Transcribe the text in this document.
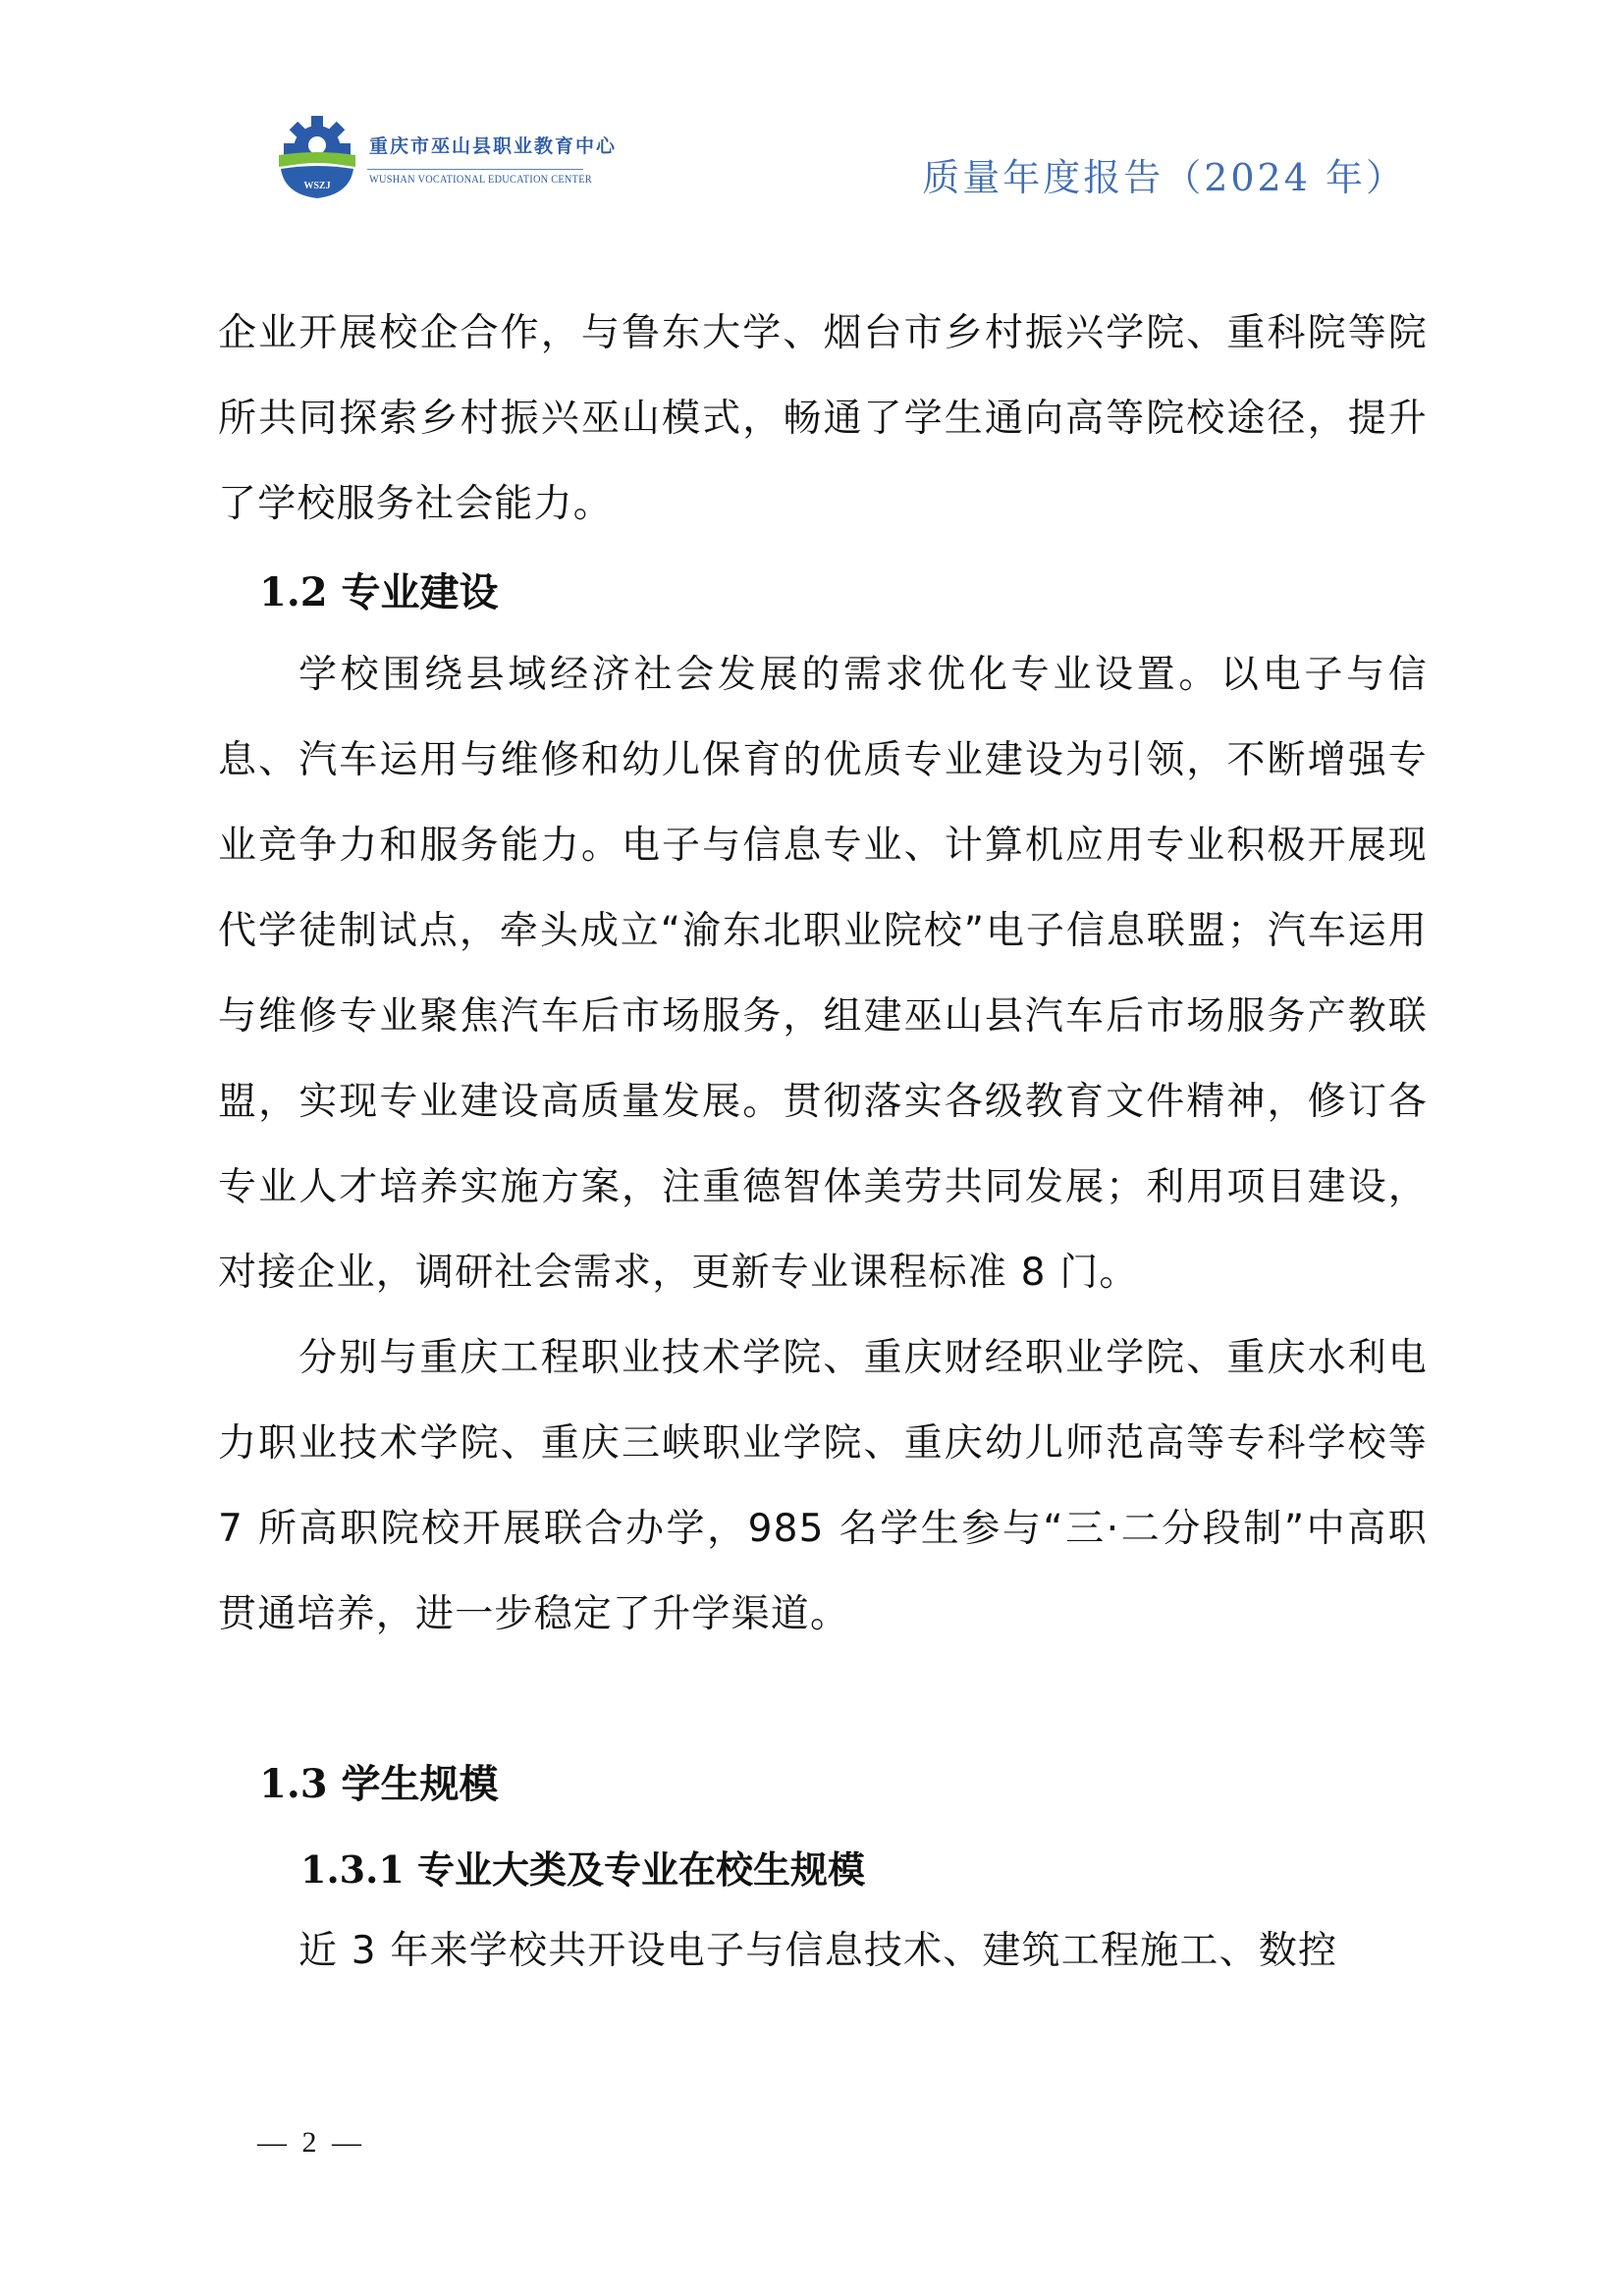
WSZJ
重庆市巫山县职业教育中心
WUSHAN VOCATIONAL EDUCATION CENTER	质量年度报告（2024 年）

企业开展校企合作，与鲁东大学、烟台市乡村振兴学院、重科院等院所共同探索乡村振兴巫山模式，畅通了学生通向高等院校途径，提升了学校服务社会能力。

1.2 专业建设

学校围绕县域经济社会发展的需求优化专业设置。以电子与信息、汽车运用与维修和幼儿保育的优质专业建设为引领，不断增强专业竞争力和服务能力。电子与信息专业、计算机应用专业积极开展现代学徒制试点，牵头成立“渝东北职业院校”电子信息联盟；汽车运用与维修专业聚焦汽车后市场服务，组建巫山县汽车后市场服务产教联盟，实现专业建设高质量发展。贯彻落实各级教育文件精神，修订各专业人才培养实施方案，注重德智体美劳共同发展；利用项目建设，对接企业，调研社会需求，更新专业课程标准 8 门。

分别与重庆工程职业技术学院、重庆财经职业学院、重庆水利电力职业技术学院、重庆三峡职业学院、重庆幼儿师范高等专科学校等 7 所高职院校开展联合办学，985 名学生参与“三·二分段制”中高职贯通培养，进一步稳定了升学渠道。

1.3 学生规模
1.3.1 专业大类及专业在校生规模

近 3 年来学校共开设电子与信息技术、建筑工程施工、数控

— 2 —
